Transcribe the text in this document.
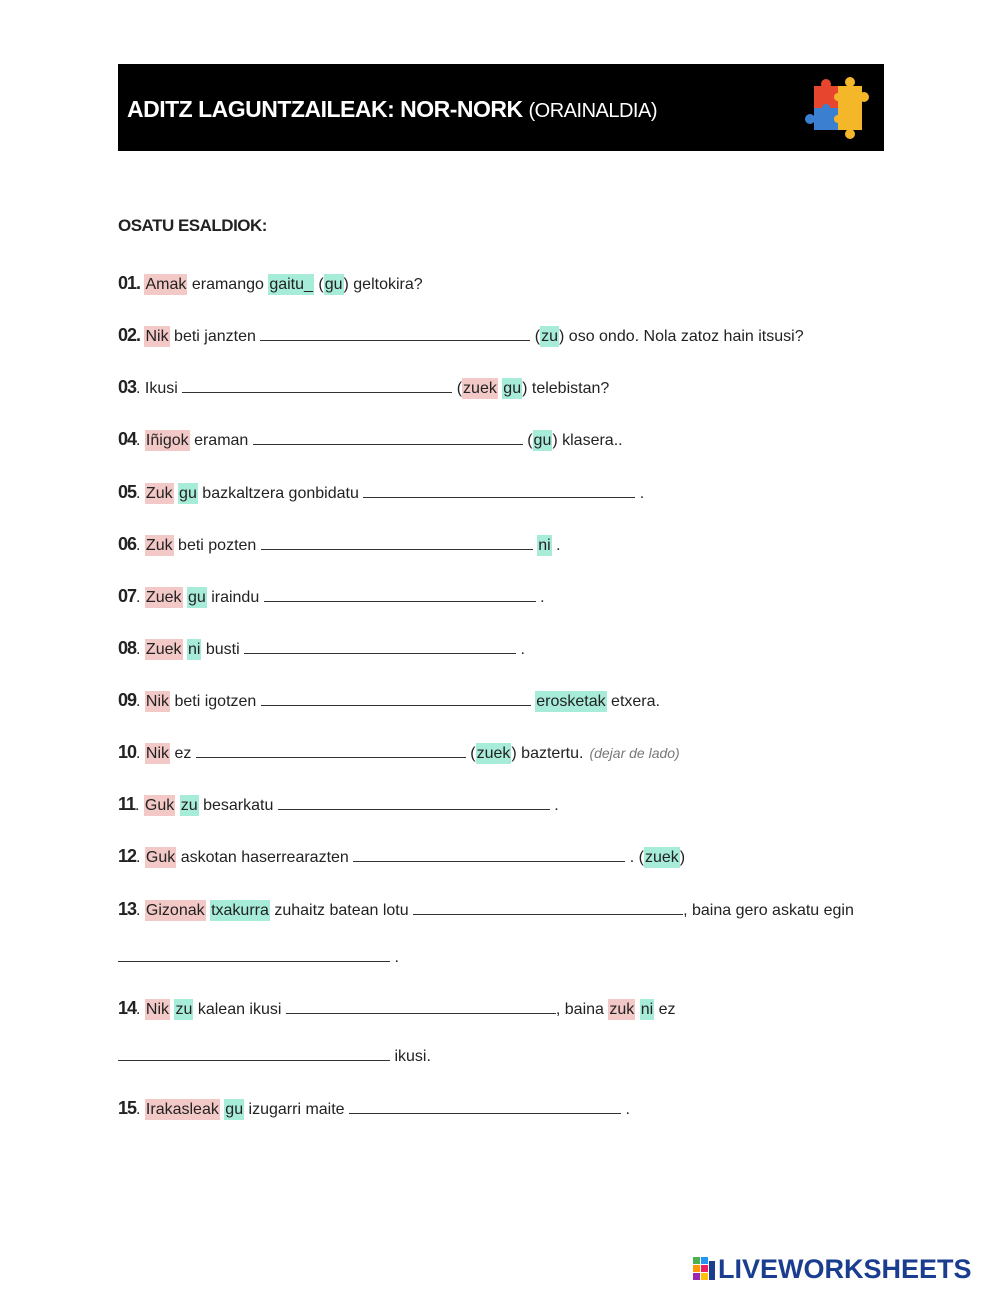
ADITZ LAGUNTZAILEAK: NOR-NORK (ORAINALDIA)
OSATU ESALDIOK:
01. Amak eramango gaitu_ (gu) geltokira?
02. Nik beti janzten	(zu) oso ondo. Nola zatoz hain itsusi?
03. Ikusi	(zuek gu) telebistan?
04. Iñigok eraman	(gu) klasera..
05. Zuk gu bazkaltzera gonbidatu	.
06. Zuk beti pozten	ni .
07. Zuek gu iraindu	.
08. Zuek ni busti	.
09. Nik beti igotzen	erosketak etxera.
10. Nik ez	(zuek) baztertu. (dejar de lado)
11. Guk zu besarkatu	.
12. Guk askotan haserrearazten	. (zuek)
13. Gizonak txakurra zuhaitz batean lotu	, baina gero askatu egin
.
14. Nik zu kalean ikusi	, baina zuk ni ez
ikusi.
15. Irakasleak gu izugarri maite	.
LIVEWORKSHEETS
